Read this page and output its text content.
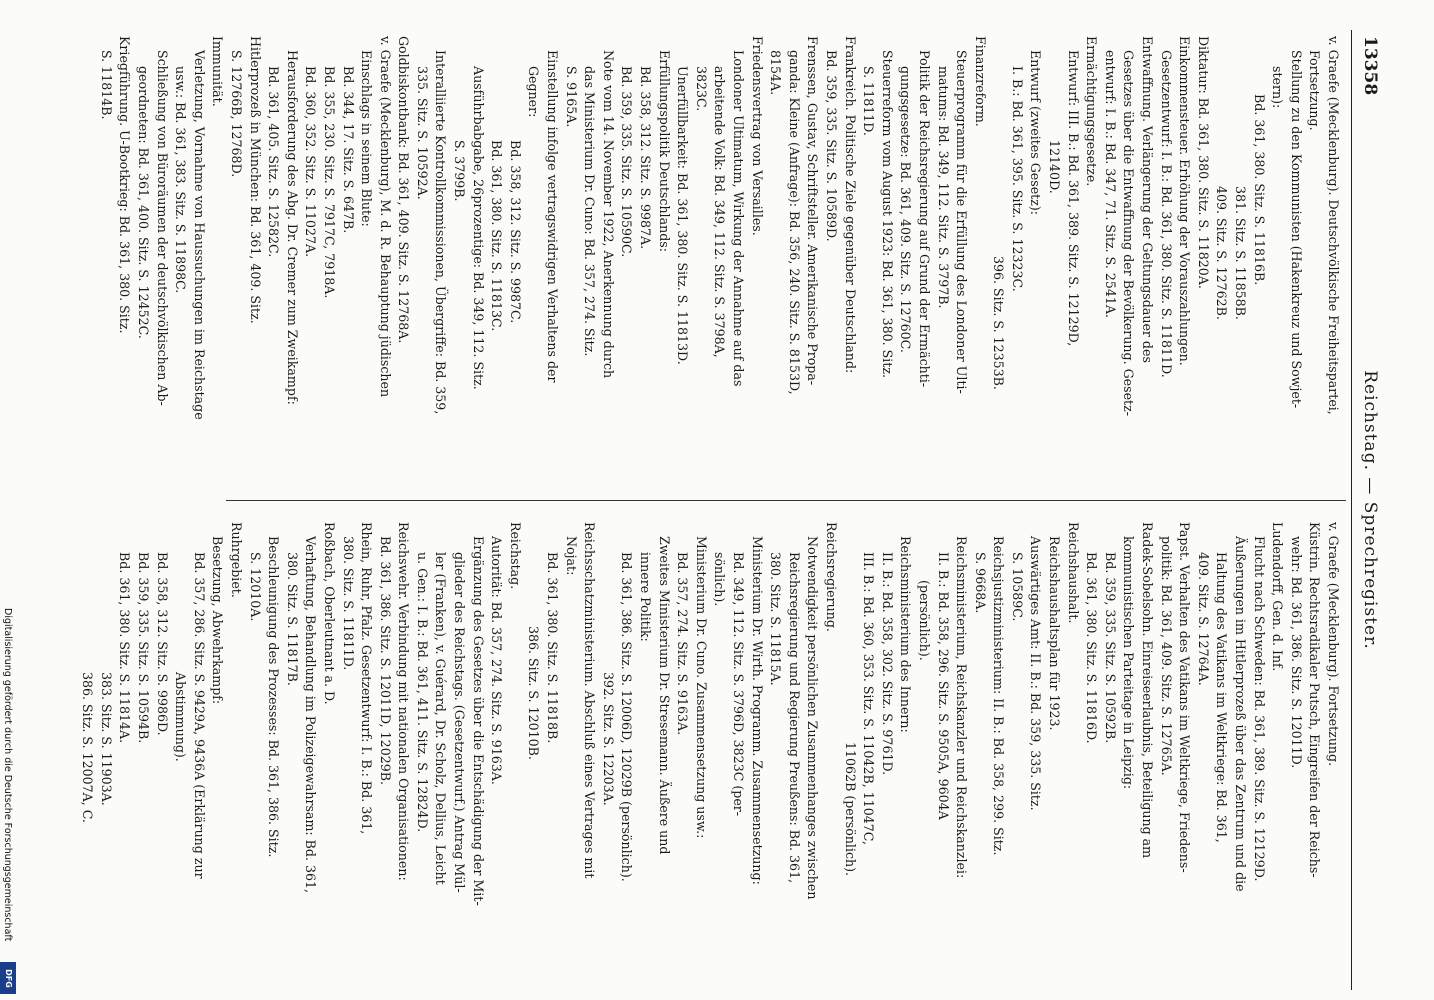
13358
Reichstag. — Sprechregister.
v. Graefe (Mecklenburg). Deutschvölkische Freiheitspartei,
Fortsetzung.
Stellung zu den Kommunisten (Hakenkreuz und Sowjet-
stern):
Bd. 361, 380. Sitz. S. 11816B.
381. Sitz. S. 11858B.
409. Sitz. S. 12762B.
Diktatur: Bd. 361, 380. Sitz. S. 11820A.
Einkommensteuer. Erhöhung der Vorauszahlungen.
Gesetzentwurf: I. B.: Bd. 361, 380. Sitz. S. 11811D.
Entwaffnung. Verlängerung der Geltungsdauer des
Gesetzes über die Entwaffnung der Bevölkerung. Gesetz-
entwurf: I. B.: Bd. 347, 71. Sitz. S. 2541A.
Ermächtigungsgesetze.
Entwurf: III. B.: Bd. 361, 389. Sitz. S. 12129D,
12140D.
Entwurf (zweites Gesetz):
I. B.: Bd. 361, 395. Sitz. S. 12323C.
396. Sitz. S. 12353B.
Finanzreform.
Steuerprogramm für die Erfüllung des Londoner Ulti-
matums: Bd. 349, 112. Sitz. S. 3797B.
Politik der Reichsregierung auf Grund der Ermächti-
gungsgesetze: Bd. 361, 409. Sitz. S. 12760C.
Steuerreform vom August 1923: Bd. 361, 380. Sitz.
S. 11811D.
Frankreich. Politische Ziele gegenüber Deutschland:
Bd. 359, 335. Sitz. S. 10589D.
Frenssen, Gustav, Schriftsteller. Amerikanische Propa-
ganda: Kleine (Anfrage): Bd. 356, 240. Sitz. S. 8153D,
8154A.
Friedensvertrag von Versailles.
Londoner Ultimatum, Wirkung der Annahme auf das
arbeitende Volk: Bd. 349, 112. Sitz. S. 3798A,
3823C.
Unerfüllbarkeit: Bd. 361, 380. Sitz. S. 11813D.
Erfüllungspolitik Deutschlands:
Bd. 358, 312. Sitz. S. 9987A.
Bd. 359, 335. Sitz. S. 10590C.
Note vom 14. November 1922, Anerkennung durch
das Ministerium Dr. Cuno: Bd. 357, 274. Sitz.
S. 9165A.
Einstellung infolge vertragswidrigen Verhaltens der
Gegner:
Bd. 358, 312. Sitz. S. 9987C.
Bd. 361, 380. Sitz. S. 11813C.
Ausführbabgabe, 26prozentige: Bd. 349, 112. Sitz.
S. 3799B.
Interalliierte Kontrollkommissionen, Übergriffe: Bd. 359,
335. Sitz. S. 10592A.
Goldbiskontbank: Bd. 361, 409. Sitz. S. 12768A.
v. Graefe (Mecklenburg), M. d. R. Behauptung jüdischen
Einschlags in seinem Blute:
Bd. 344, 17. Sitz. S. 647B.
Bd. 355, 230. Sitz. S. 7917C, 7918A.
Bd. 360, 352. Sitz. S. 11027A.
Herausforderung des Abg. Dr. Cremer zum Zweikampf:
Bd. 361, 405. Sitz. S. 12582C.
Hitlerprozeß in München: Bd. 361, 409. Sitz.
S. 12766B, 12768D.
Immunität.
Verletzung, Vornahme von Haussuchungen im Reichstage
usw.: Bd. 361, 383. Sitz. S. 11898C.
Schließung von Büroräumen der deutschvölkischen Ab-
geordneten: Bd. 361, 400. Sitz. S. 12452C.
Kriegführung. U-Bootkrieg: Bd. 361, 380. Sitz.
S. 11814B.
v. Graefe (Mecklenburg). Fortsetzung.
Küstrin. Rechtsradikaler Putsch, Eingreifen der Reichs-
wehr: Bd. 361, 386. Sitz. S. 12011D.
Ludendorff, Gen. d. Inf.
Flucht nach Schweden: Bd. 361, 389. Sitz. S. 12129D.
Äußerungen im Hitlerprozeß über das Zentrum und die
Haltung des Vatikans im Weltkriege: Bd. 361,
409. Sitz. S. 12764A.
Papst. Verhalten des Vatikans im Weltkriege, Friedens-
politik: Bd. 361, 409. Sitz. S. 12765A.
Radek-Sobelsohn. Einreiseerlaubnis, Beteiligung am
kommunistischen Parteitage in Leipzig:
Bd. 359, 335. Sitz. S. 10592B.
Bd. 361, 380. Sitz. S. 11816D.
Reichshaushalt.
Reichshaushaltsplan für 1923.
Auswärtiges Amt: II. B.: Bd. 359, 335. Sitz.
S. 10589C.
Reichsjustizministerium: II. B.: Bd. 358, 299. Sitz.
S. 9668A.
Reichsministerium, Reichskanzler und Reichskanzlei:
II. B.: Bd. 358, 296. Sitz. S. 9505A, 9604A
(persönlich).
Reichsministerium des Innern:
II. B.: Bd. 358, 302. Sitz. S. 9761D.
III. B.: Bd. 360, 353. Sitz. S. 11042B, 11047C,
11062B (persönlich).
Reichsregierung.
Notwendigkeit persönlichen Zusammenhanges zwischen
Reichsregierung und Regierung Preußens: Bd. 361,
380. Sitz. S. 11815A.
Ministerium Dr. Wirth. Programm. Zusammensetzung:
Bd. 349, 112. Sitz. S. 3796D, 3823C (per-
sönlich).
Ministerium Dr. Cuno. Zusammensetzung usw.:
Bd. 357, 274. Sitz. S. 9163A.
Zweites Ministerium Dr. Stresemann. Äußere und
innere Politik:
Bd. 361, 386. Sitz. S. 12006D, 12029B (persönlich).
392. Sitz. S. 12203A.
Reichsschatzministerium. Abschluß eines Vertrages mit
Nojat:
Bd. 361, 380. Sitz. S. 11818B.
386. Sitz. S. 12010B.
Reichstag.
Autorität: Bd. 357, 274. Sitz. S. 9163A.
Ergänzung des Gesetzes über die Entschädigung der Mit-
glieder des Reichstags. (Gesetzentwurf.) Antrag Mül-
ler (Franken), v. Guérard, Dr. Scholz, Dellius, Leicht
u. Gen.: I. B.: Bd. 361, 411. Sitz. S. 12824D.
Reichswehr. Verbindung mit nationalen Organisationen:
Bd. 361, 386. Sitz. S. 12011D, 12029B.
Rhein, Ruhr, Pfalz. Gesetzentwurf: I. B.: Bd. 361,
380. Sitz. S. 11811D.
Roßbach, Oberleutnant a. D.
Verhaftung, Behandlung im Polizeigewahrsam: Bd. 361,
380. Sitz. S. 11817B.
Beschleunigung des Prozesses: Bd. 361, 386. Sitz.
S. 12010A.
Ruhrgebiet.
Besetzung, Abwehrkampf:
Bd. 357, 286. Sitz. S. 9429A, 9436A (Erklärung zur
Abstimmung).
Bd. 358, 312. Sitz. S. 9986D.
Bd. 359, 335. Sitz. S. 10594B.
Bd. 361, 380. Sitz. S. 11814A.
383. Sitz. S. 11903A.
386. Sitz. S. 12007A, C.
Digitalisierung gefördert durch die Deutsche Forschungsgemeinschaft
DFG
